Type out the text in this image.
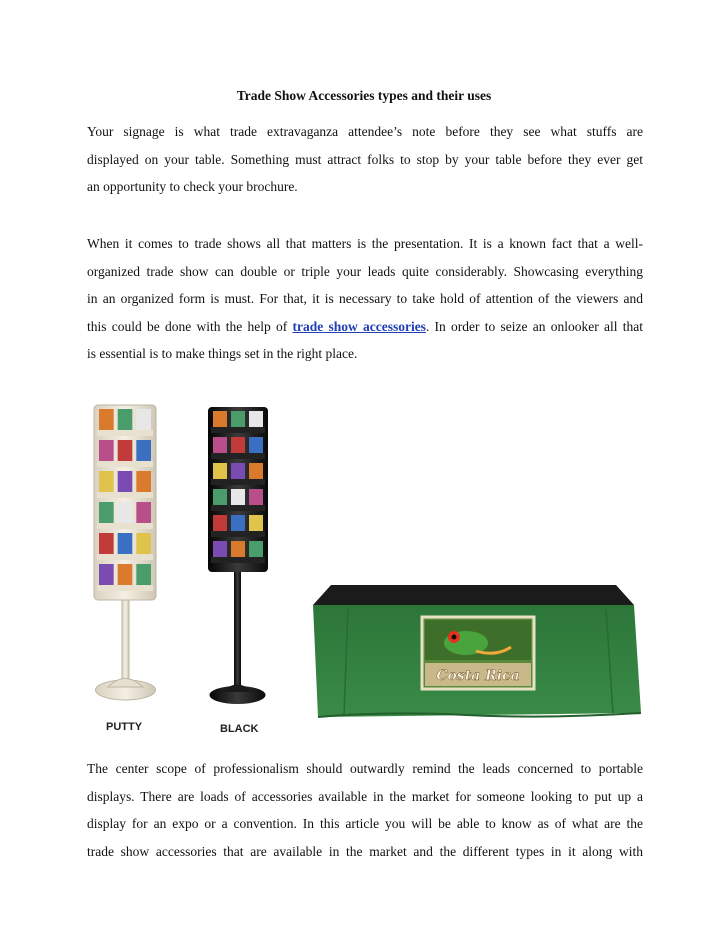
Trade Show Accessories types and their uses
Your signage is what trade extravaganza attendee’s note before they see what stuffs are
displayed on your table. Something must attract folks to stop by your table before they ever get
an opportunity to check your brochure.
When it comes to trade shows all that matters is the presentation. It is a known fact that a well-
organized trade show can double or triple your leads quite considerably. Showcasing everything
in an organized form is must. For that, it is necessary to take hold of attention of the viewers and
this could be done with the help of trade show accessories. In order to seize an onlooker all that
is essential is to make things set in the right place.
PUTTY	BLACK
Costa Rica
The center scope of professionalism should outwardly remind the leads concerned to portable
displays. There are loads of accessories available in the market for someone looking to put up a
display for an expo or a convention. In this article you will be able to know as of what are the
trade show accessories that are available in the market and the different types in it along with
